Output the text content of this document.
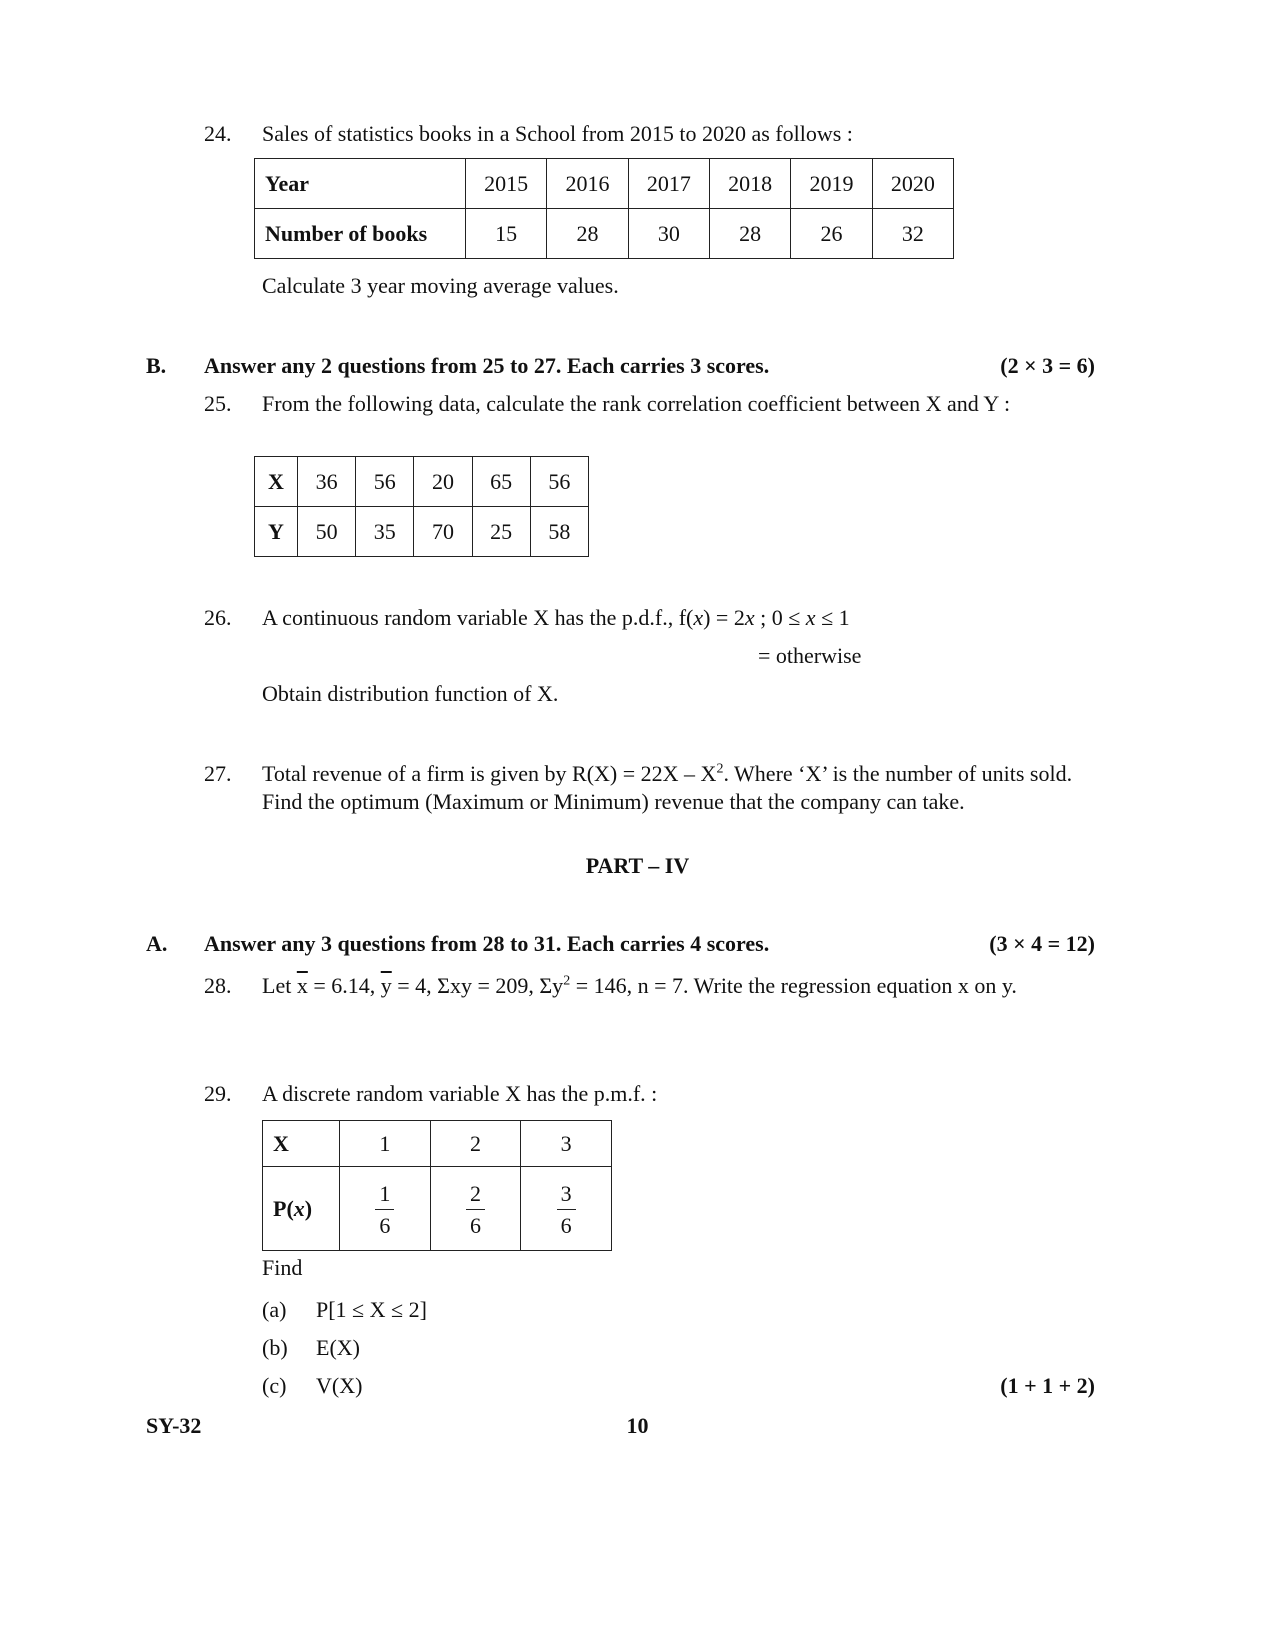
24. Sales of statistics books in a School from 2015 to 2020 as follows :
Year	2015	2016	2017	2018	2019	2020
Number of books	15	28	30	28	26	32
Calculate 3 year moving average values.
B. Answer any 2 questions from 25 to 27. Each carries 3 scores.	(2 × 3 = 6)
25. From the following data, calculate the rank correlation coefficient between X and Y :
X	36	56	20	65	56
Y	50	35	70	25	58
26. A continuous random variable X has the p.d.f., f(x) = 2x ; 0 ≤ x ≤ 1
= otherwise
Obtain distribution function of X.
27. Total revenue of a firm is given by $R(X) = 22X - X^2$. Where ‘X’ is the number of units sold. Find the optimum (Maximum or Minimum) revenue that the company can take.
PART – IV
A. Answer any 3 questions from 28 to 31. Each carries 4 scores.	(3 × 4 = 12)
28. Let $\overline{x} = 6.14$, $\overline{y} = 4$, Σxy = 209, $\Sigma y^2 = 146$, n = 7. Write the regression equation x on y.
29. A discrete random variable X has the p.m.f. :
X	1	2	3
P(x)	$\frac{1}{6}$	$\frac{2}{6}$	$\frac{3}{6}$
Find
(a) P[1 ≤ X ≤ 2]
(b) E(X)
(c) V(X)	(1 + 1 + 2)
SY-32	10
